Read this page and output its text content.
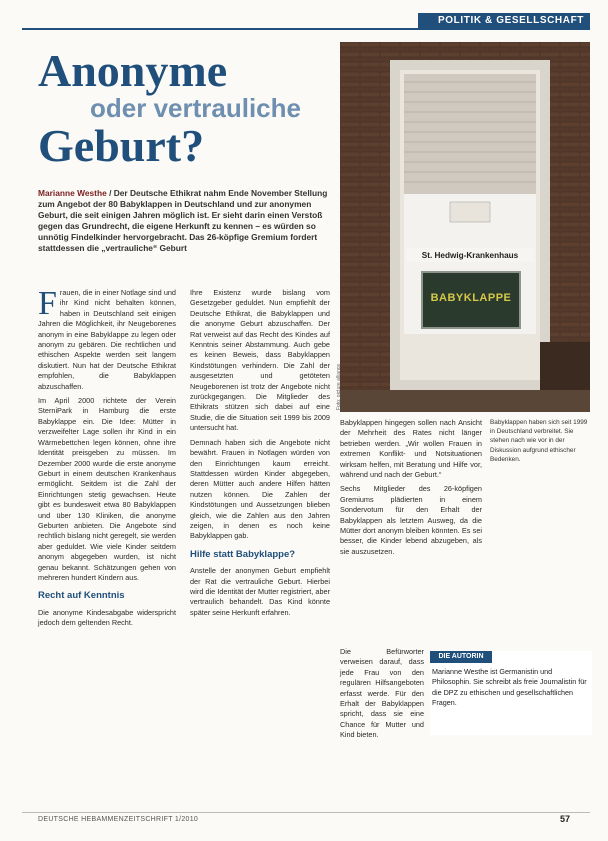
POLITIK & GESELLSCHAFT
Anonyme
oder vertrauliche
Geburt?
Marianne Westhe / Der Deutsche Ethikrat nahm Ende November Stellung zum Angebot der 80 Babyklappen in Deutschland und zur anonymen Geburt, die seit einigen Jahren möglich ist. Er sieht darin einen Verstoß gegen das Grundrecht, die eigene Herkunft zu kennen – es würden so unnötig Findelkinder hervorgebracht. Das 26-köpfige Gremium fordert stattdessen die „vertrauliche“ Geburt
St. Hedwig-Krankenhaus
BABYKLAPPE
Foto: picture alliance
Babyklappen haben sich seit 1999 in Deutschland verbreitet. Sie stehen nach wie vor in der Diskussion aufgrund ethischer Bedenken.

Frauen, die in einer Notlage sind und ihr Kind nicht behalten können, haben in Deutschland seit einigen Jahren die Möglichkeit, ihr Neugeborenes anonym in eine Babyklappe zu legen oder anonym zu gebären. Die rechtlichen und ethischen Aspekte werden seit langem diskutiert. Nun hat der Deutsche Ethikrat empfohlen, die Babyklappen abzuschaffen.

Im April 2000 richtete der Verein SterniPark in Hamburg die erste Babyklappe ein. Die Idee: Mütter in verzweifelter Lage sollen ihr Kind in ein Wärmebettchen legen können, ohne ihre Identität preisgeben zu müssen. Im Dezember 2000 wurde die erste anonyme Geburt in einem deutschen Krankenhaus ermöglicht. Seitdem ist die Zahl der Einrichtungen stetig gewachsen. Heute gibt es bundesweit etwa 80 Babyklappen und über 130 Kliniken, die anonyme Geburten anbieten. Die Angebote sind rechtlich bislang nicht geregelt, sie werden aber geduldet. Wie viele Kinder seitdem anonym abgegeben wurden, ist nicht genau bekannt. Schätzungen gehen von mehreren hundert Kindern aus.

Recht auf Kenntnis

Die anonyme Kindesabgabe widerspricht jedoch dem geltenden Recht.

Ihre Existenz wurde bislang vom Gesetzgeber geduldet. Nun empfiehlt der Deutsche Ethikrat, die Babyklappen und die anonyme Geburt abzuschaffen. Der Rat verweist auf das Recht des Kindes auf Kenntnis seiner Abstammung. Auch gebe es keinen Beweis, dass Babyklappen Kindstötungen verhindern. Die Zahl der ausgesetzten und getöteten Neugeborenen ist trotz der Angebote nicht zurückgegangen. Die Mitglieder des Ethikrats stützen sich dabei auf eine Studie, die die Situation seit 1999 bis 2009 untersucht hat.

Demnach haben sich die Angebote nicht bewährt. Frauen in Notlagen würden von den Einrichtungen kaum erreicht. Stattdessen würden Kinder abgegeben, deren Mütter auch andere Hilfen hätten nutzen können. Die Zahlen der Kindstötungen und Aussetzungen blieben gleich, wie die Zahlen aus den Jahren zeigen, in denen es noch keine Babyklappen gab.

Hilfe statt Babyklappe?

Anstelle der anonymen Geburt empfiehlt der Rat die vertrauliche Geburt. Hierbei wird die Identität der Mutter registriert, aber vertraulich behandelt. Das Kind könnte später seine Herkunft erfahren.

Babyklappen hingegen sollen nach Ansicht der Mehrheit des Rates nicht länger betrieben werden. „Wir wollen Frauen in extremen Konflikt- und Notsituationen wirksam helfen, mit Beratung und Hilfe vor, während und nach der Geburt.“

Sechs Mitglieder des 26-köpfigen Gremiums plädierten in einem Sondervotum für den Erhalt der Babyklappen als letztem Ausweg, da die Mütter dort anonym bleiben könnten. Es sei besser, die Kinder lebend abzugeben, als sie auszusetzen.

Die Befürworter verweisen darauf, dass jede Frau von den regulären Hilfsangeboten erfasst werde. Für den Erhalt der Babyklappen spricht, dass sie eine Chance für Mutter und Kind bieten.

DIE AUTORIN
Marianne Westhe ist Germanistin und Philosophin. Sie schreibt als freie Journalistin für die DPZ zu ethischen und gesellschaftlichen Fragen.
DEUTSCHE HEBAMMENZEITSCHRIFT 1/2010	57
